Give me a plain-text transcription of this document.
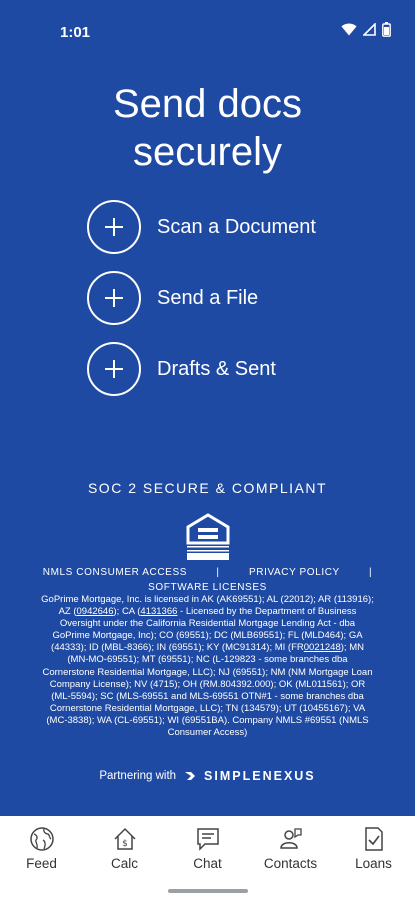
1:01
Send docs
securely
Scan a Document
Send a File
Drafts & Sent
SOC 2 SECURE & COMPLIANT
NMLS CONSUMER ACCESS	|	PRIVACY POLICY	|
SOFTWARE LICENSES
GoPrime Mortgage, Inc. is licensed in AK (AK69551); AL (22012); AR (113916); AZ (0942646); CA (4131366 - Licensed by the Department of Business Oversight under the California Residential Mortgage Lending Act - dba GoPrime Mortgage, Inc); CO (69551); DC (MLB69551); FL (MLD464); GA (44333); ID (MBL-8366); IN (69551); KY (MC91314); MI (FR0021248); MN (MN-MO-69551); MT (69551); NC (L-129823 - some branches dba Cornerstone Residential Mortgage, LLC); NJ (69551); NM (NM Mortgage Loan Company License); NV (4715); OH (RM.804392.000); OK (ML011561); OR (ML-5594); SC (MLS-69551 and MLS-69551 OTN#1 - some branches dba Cornerstone Residential Mortgage, LLC); TN (134579); UT (10455167); VA (MC-3838); WA (CL-69551); WI (69551BA). Company NMLS #69551 (NMLS Consumer Access)
Partnering with SIMPLENEXUS
Feed
$
Calc	Chat	Contacts	Loans
